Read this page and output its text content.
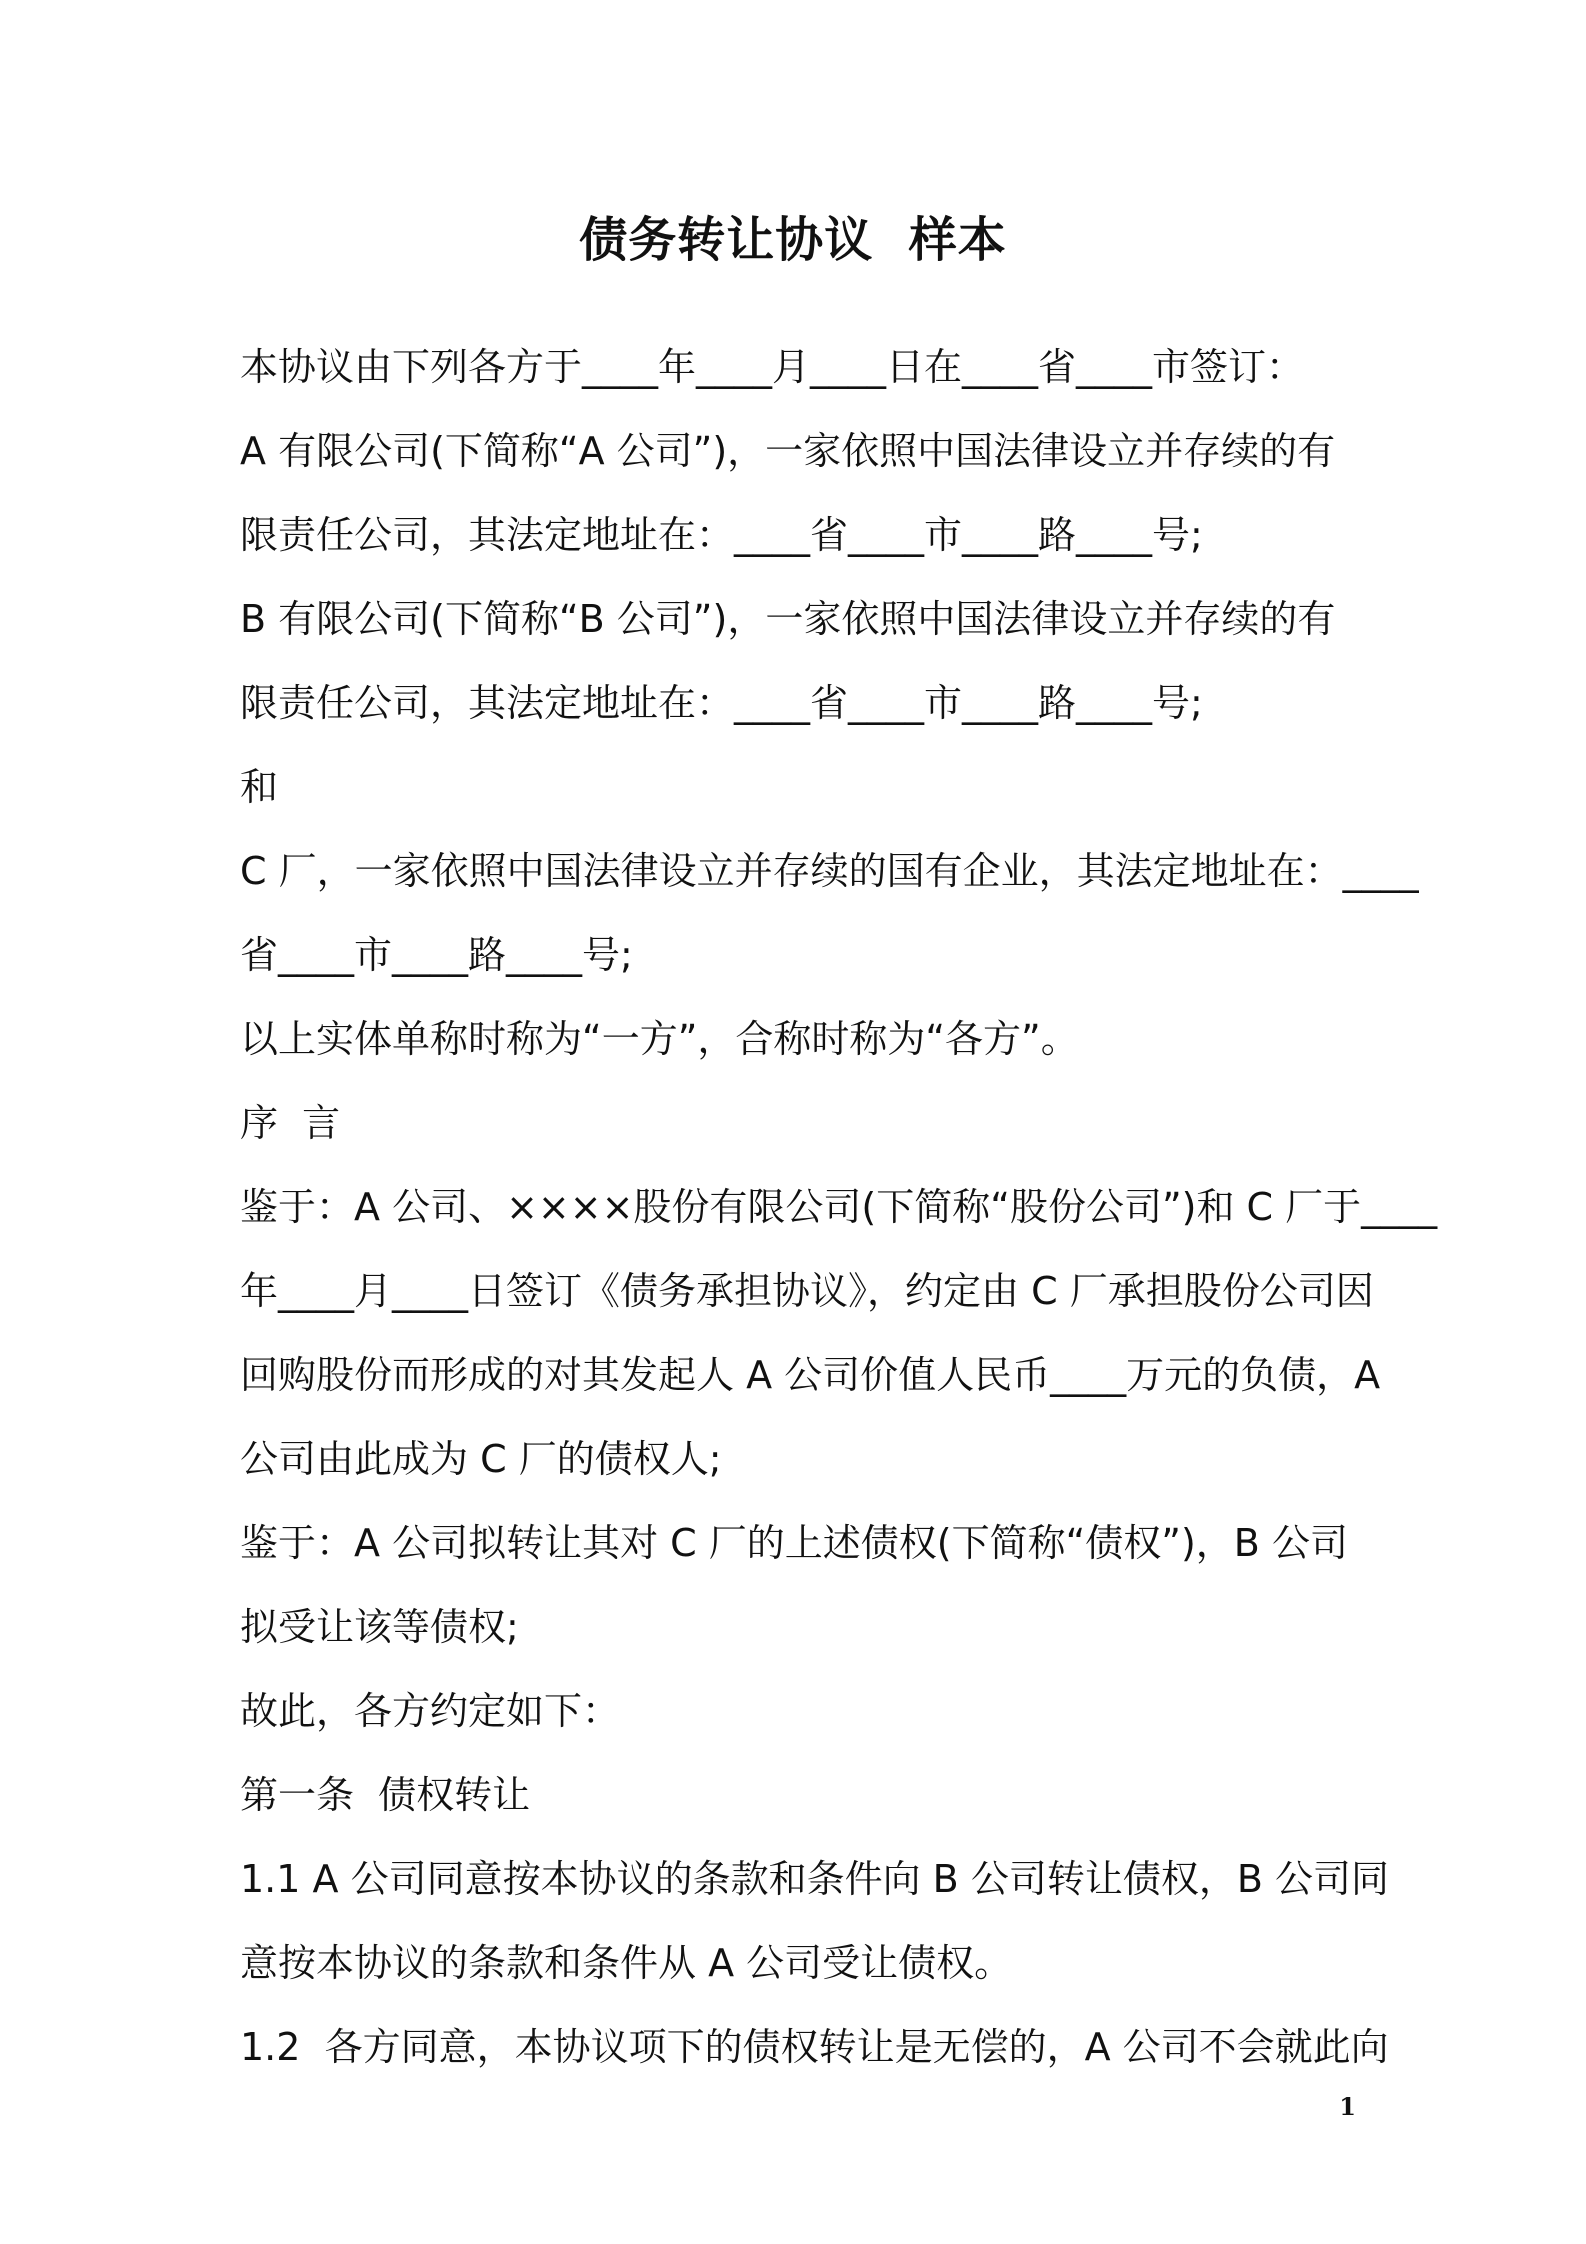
债务转让协议  样本
本协议由下列各方于____年____月____日在____省____市签订：
A 有限公司(下简称“A 公司”)，一家依照中国法律设立并存续的有
限责任公司，其法定地址在：____省____市____路____号;
B 有限公司(下简称“B 公司”)，一家依照中国法律设立并存续的有
限责任公司，其法定地址在：____省____市____路____号;
和
C 厂，一家依照中国法律设立并存续的国有企业，其法定地址在：____
省____市____路____号;
以上实体单称时称为“一方”，合称时称为“各方”。
序  言
鉴于：A 公司、××××股份有限公司(下简称“股份公司”)和 C 厂于____
年____月____日签订《债务承担协议》，约定由 C 厂承担股份公司因
回购股份而形成的对其发起人 A 公司价值人民币____万元的负债，A
公司由此成为 C 厂的债权人;
鉴于：A 公司拟转让其对 C 厂的上述债权(下简称“债权”)，B 公司
拟受让该等债权;
故此，各方约定如下：
第一条  债权转让
1.1 A 公司同意按本协议的条款和条件向 B 公司转让债权，B 公司同
意按本协议的条款和条件从 A 公司受让债权。
1.2  各方同意，本协议项下的债权转让是无偿的，A 公司不会就此向
1
